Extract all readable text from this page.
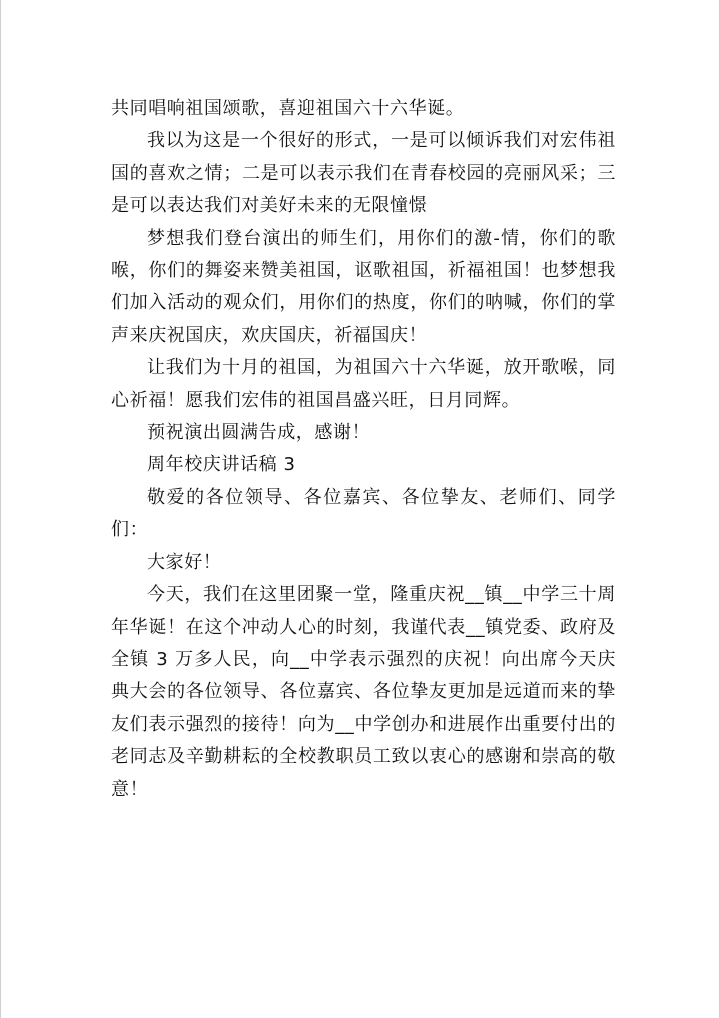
共同唱响祖国颂歌，喜迎祖国六十六华诞。

我以为这是一个很好的形式，一是可以倾诉我们对宏伟祖国的喜欢之情；二是可以表示我们在青春校园的亮丽风采；三是可以表达我们对美好未来的无限憧憬

梦想我们登台演出的师生们，用你们的激-情，你们的歌喉，你们的舞姿来赞美祖国，讴歌祖国，祈福祖国！也梦想我们加入活动的观众们，用你们的热度，你们的呐喊，你们的掌声来庆祝国庆，欢庆国庆，祈福国庆！

让我们为十月的祖国，为祖国六十六华诞，放开歌喉，同心祈福！愿我们宏伟的祖国昌盛兴旺，日月同辉。

预祝演出圆满告成，感谢！

周年校庆讲话稿 3

敬爱的各位领导、各位嘉宾、各位挚友、老师们、同学们：

大家好！

今天，我们在这里团聚一堂，隆重庆祝__镇__中学三十周年华诞！在这个冲动人心的时刻，我谨代表__镇党委、政府及全镇 3 万多人民，向__中学表示强烈的庆祝！向出席今天庆典大会的各位领导、各位嘉宾、各位挚友更加是远道而来的挚友们表示强烈的接待！向为__中学创办和进展作出重要付出的老同志及辛勤耕耘的全校教职员工致以衷心的感谢和崇高的敬意！
